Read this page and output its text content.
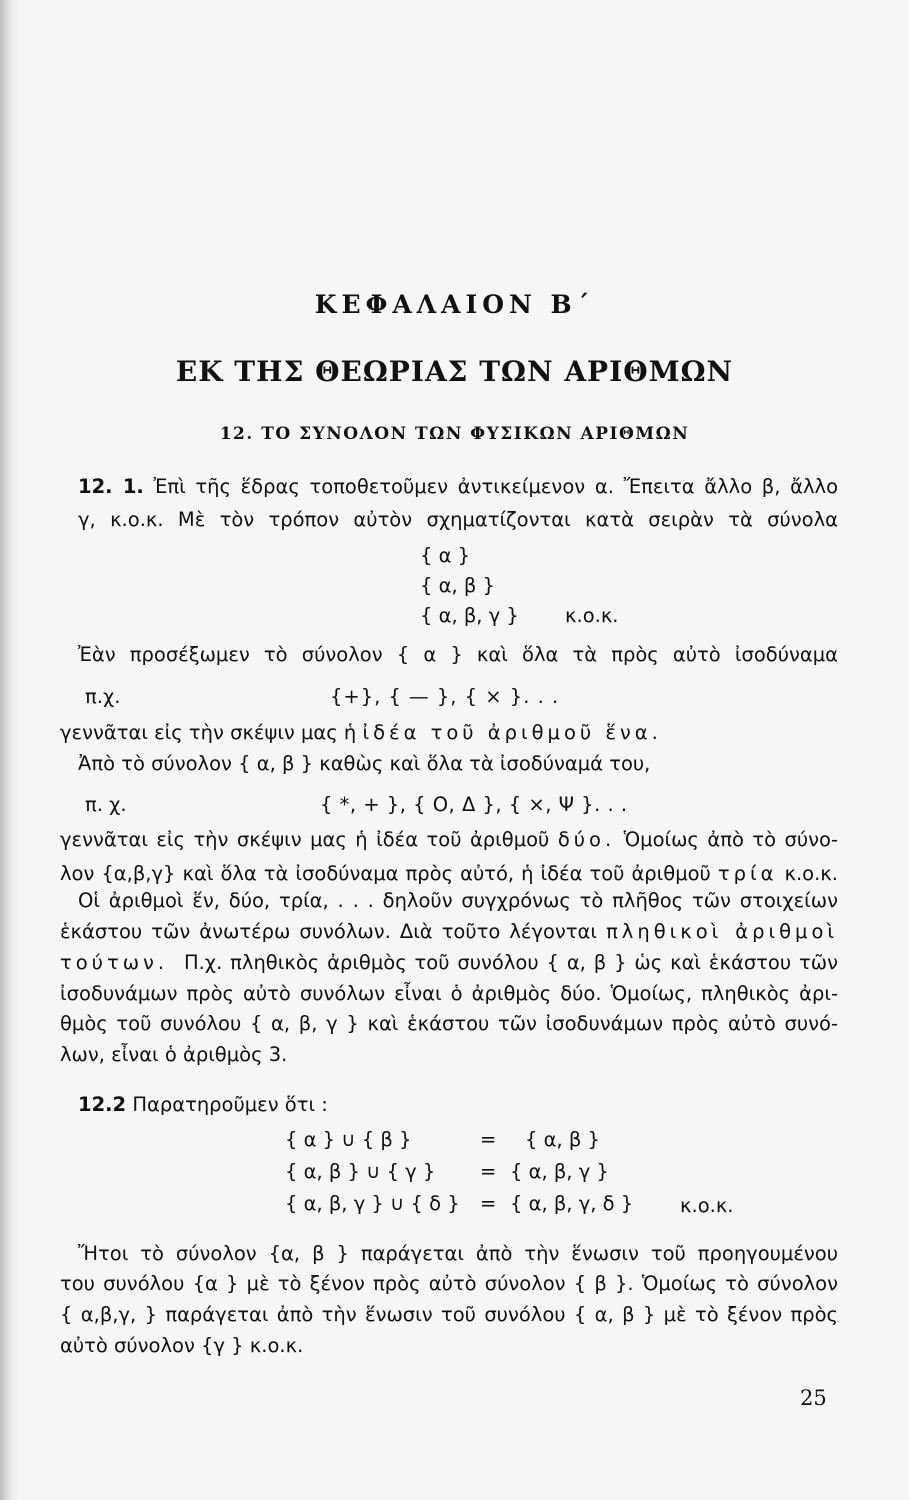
ΚΕΦΑΛΑΙΟΝ Β΄
ΕΚ ΤΗΣ ΘΕΩΡΙΑΣ ΤΩΝ ΑΡΙΘΜΩΝ
12. ΤΟ ΣΥΝΟΛΟΝ ΤΩΝ ΦΥΣΙΚΩΝ ΑΡΙΘΜΩΝ
12. 1. Ἐπὶ τῆς ἕδρας τοποθετοῦμεν ἀντικείμενον α. Ἔπειτα ἄλλο β, ἄλλο
γ, κ.ο.κ. Μὲ τὸν τρόπον αὐτὸν σχηματίζονται κατὰ σειρὰν τὰ σύνολα
{ α }
{ α, β }
{ α, β, γ } κ.ο.κ.
Ἐὰν προσέξωμεν τὸ σύνολον { α } καὶ ὅλα τὰ πρὸς αὐτὸ ἰσοδύναμα
π.χ.	{+}, { — }, { × }. . .
γεννᾶται εἰς τὴν σκέψιν μας ἡ ἰδέα τοῦ ἀριθμοῦ ἕνα.
Ἀπὸ τὸ σύνολον { α, β } καθὼς καὶ ὅλα τὰ ἰσοδύναμά του,
π. χ.	{ *, + }, { Ο, Δ }, { ×, Ψ }. . .
γεννᾶται εἰς τὴν σκέψιν μας ἡ ἰδέα τοῦ ἀριθμοῦ δύο. Ὁμοίως ἀπὸ τὸ σύνο-
λον {α,β,γ} καὶ ὅλα τὰ ἰσοδύναμα πρὸς αὐτό, ἡ ἰδέα τοῦ ἀριθμοῦ τρία κ.ο.κ.
Οἱ ἀριθμοὶ ἕν, δύο, τρία, . . . δηλοῦν συγχρόνως τὸ πλῆθος τῶν στοιχείων
ἑκάστου τῶν ἀνωτέρω συνόλων. Διὰ τοῦτο λέγονται πληθικοὶ ἀριθμοὶ
τούτων. Π.χ. πληθικὸς ἀριθμὸς τοῦ συνόλου { α, β } ὡς καὶ ἑκάστου τῶν
ἰσοδυνάμων πρὸς αὐτὸ συνόλων εἶναι ὁ ἀριθμὸς δύο. Ὁμοίως, πληθικὸς ἀρι-
θμὸς τοῦ συνόλου { α, β, γ } καὶ ἑκάστου τῶν ἰσοδυνάμων πρὸς αὐτὸ συνό-
λων, εἶναι ὁ ἀριθμὸς 3.
12.2 Παρατηροῦμεν ὅτι :
{ α } ∪ { β }	= { α, β }
{ α, β } ∪ { γ } = { α, β, γ }
{ α, β, γ } ∪ { δ } = { α, β, γ, δ } κ.ο.κ.
Ἤτοι τὸ σύνολον {α, β } παράγεται ἀπὸ τὴν ἕνωσιν τοῦ προηγουμένου
του συνόλου {α } μὲ τὸ ξένον πρὸς αὐτὸ σύνολον { β }. Ὁμοίως τὸ σύνολον
{ α,β,γ, } παράγεται ἀπὸ τὴν ἕνωσιν τοῦ συνόλου { α, β } μὲ τὸ ξένον πρὸς
αὐτὸ σύνολον {γ } κ.ο.κ.
25
